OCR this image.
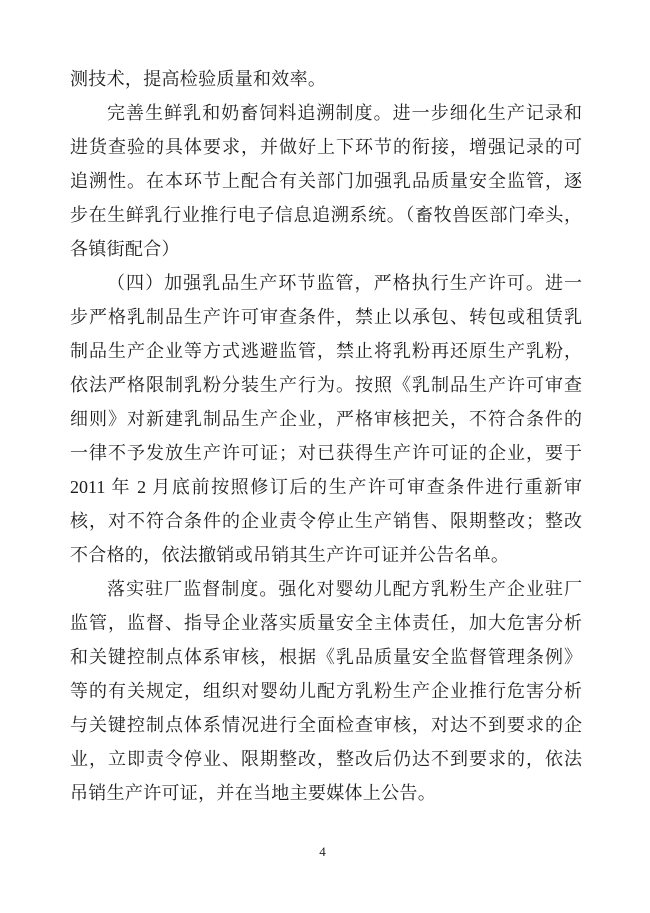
测技术，提高检验质量和效率。
完善生鲜乳和奶畜饲料追溯制度。进一步细化生产记录和
进货查验的具体要求，并做好上下环节的衔接，增强记录的可
追溯性。在本环节上配合有关部门加强乳品质量安全监管，逐
步在生鲜乳行业推行电子信息追溯系统。（畜牧兽医部门牵头，
各镇街配合）
（四）加强乳品生产环节监管，严格执行生产许可。进一
步严格乳制品生产许可审查条件，禁止以承包、转包或租赁乳
制品生产企业等方式逃避监管，禁止将乳粉再还原生产乳粉，
依法严格限制乳粉分装生产行为。按照《乳制品生产许可审查
细则》对新建乳制品生产企业，严格审核把关，不符合条件的
一律不予发放生产许可证；对已获得生产许可证的企业，要于
2011 年 2 月底前按照修订后的生产许可审查条件进行重新审
核，对不符合条件的企业责令停止生产销售、限期整改；整改
不合格的，依法撤销或吊销其生产许可证并公告名单。
落实驻厂监督制度。强化对婴幼儿配方乳粉生产企业驻厂
监管，监督、指导企业落实质量安全主体责任，加大危害分析
和关键控制点体系审核，根据《乳品质量安全监督管理条例》
等的有关规定，组织对婴幼儿配方乳粉生产企业推行危害分析
与关键控制点体系情况进行全面检查审核，对达不到要求的企
业，立即责令停业、限期整改，整改后仍达不到要求的，依法
吊销生产许可证，并在当地主要媒体上公告。
4
